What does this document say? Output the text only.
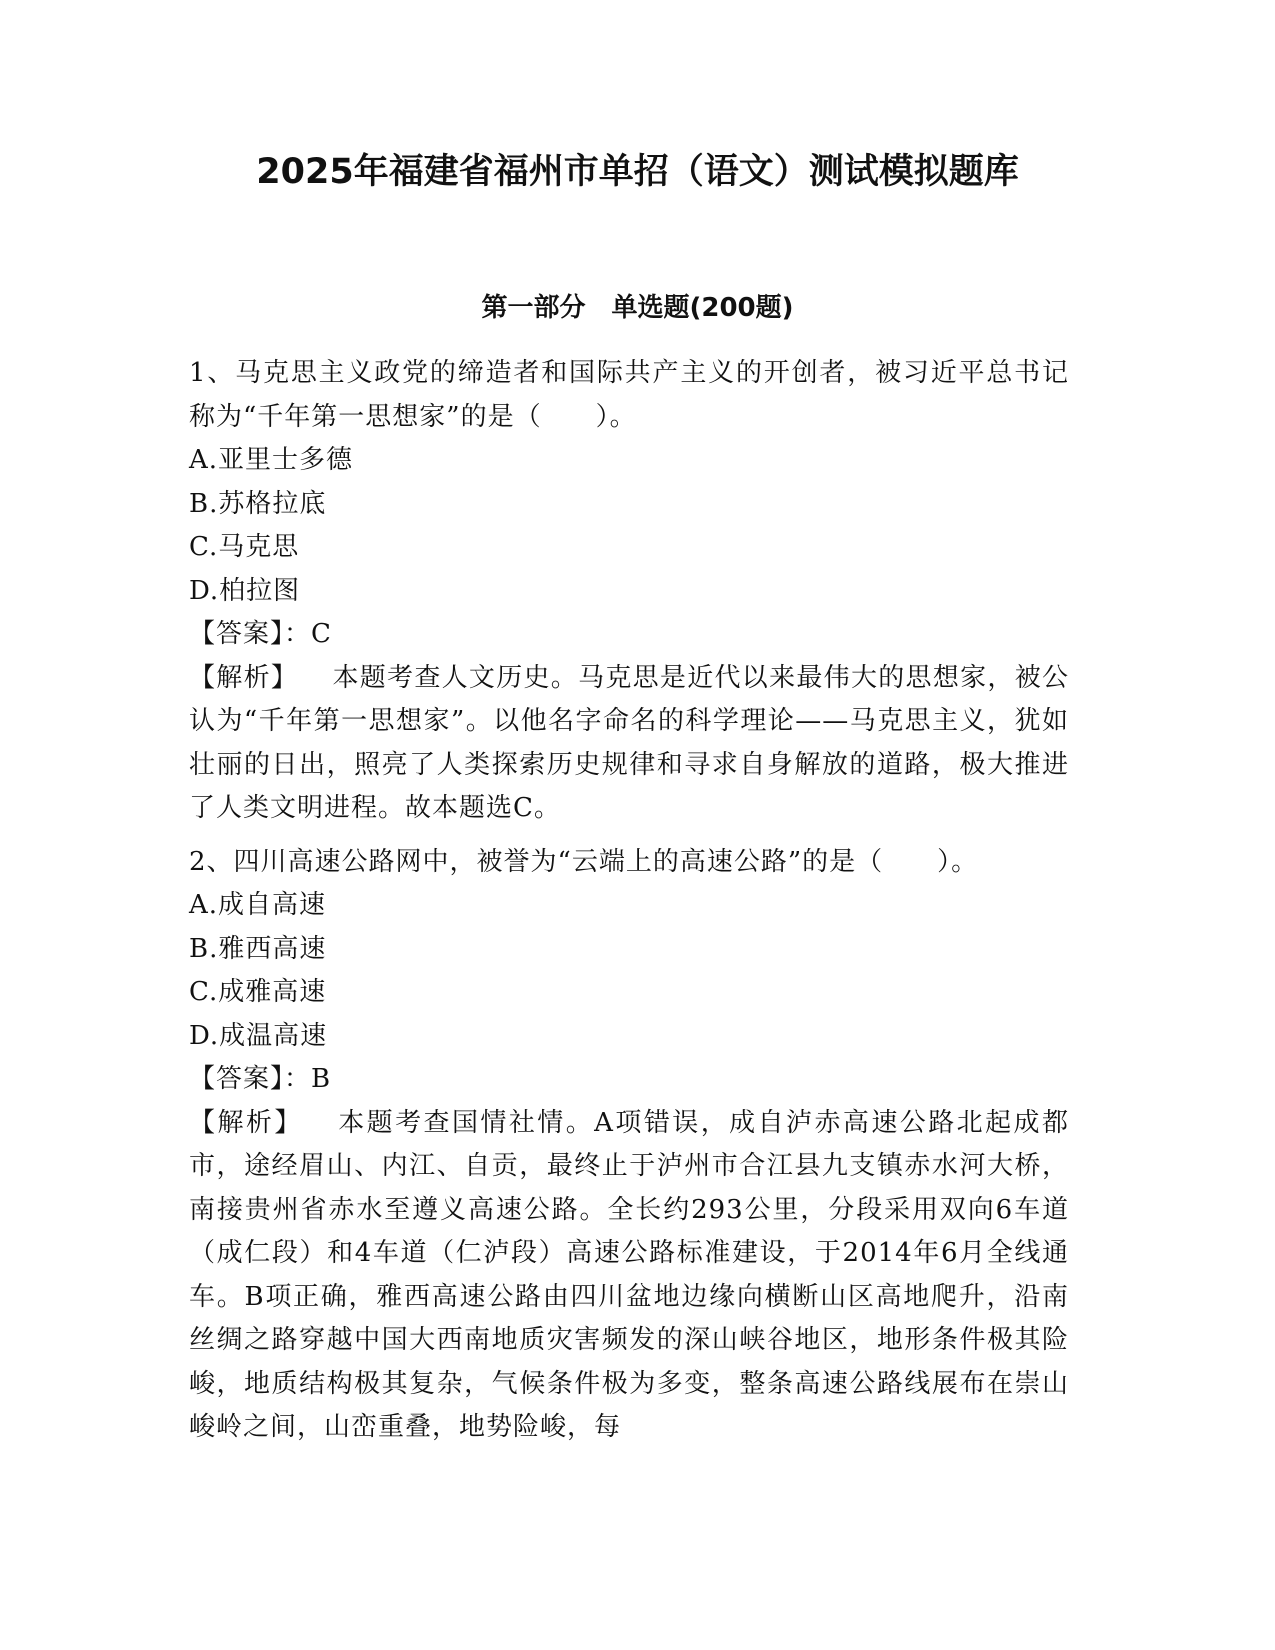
2025年福建省福州市单招（语文）测试模拟题库
第一部分　单选题(200题)

1、马克思主义政党的缔造者和国际共产主义的开创者，被习近平总书记称为“千年第一思想家”的是（　　）。

A.亚里士多德

B.苏格拉底

C.马克思

D.柏拉图

【答案】：C

【解析】 本题考查人文历史。马克思是近代以来最伟大的思想家，被公认为“千年第一思想家”。以他名字命名的科学理论——马克思主义，犹如壮丽的日出，照亮了人类探索历史规律和寻求自身解放的道路，极大推进了人类文明进程。故本题选C。

2、四川高速公路网中，被誉为“云端上的高速公路”的是（　　）。

A.成自高速

B.雅西高速

C.成雅高速

D.成温高速

【答案】：B

【解析】 本题考查国情社情。A项错误，成自泸赤高速公路北起成都市，途经眉山、内江、自贡，最终止于泸州市合江县九支镇赤水河大桥，南接贵州省赤水至遵义高速公路。全长约293公里，分段采用双向6车道（成仁段）和4车道（仁泸段）高速公路标准建设，于2014年6月全线通车。B项正确，雅西高速公路由四川盆地边缘向横断山区高地爬升，沿南丝绸之路穿越中国大西南地质灾害频发的深山峡谷地区，地形条件极其险峻，地质结构极其复杂，气候条件极为多变，整条高速公路线展布在崇山峻岭之间，山峦重叠，地势险峻，每
